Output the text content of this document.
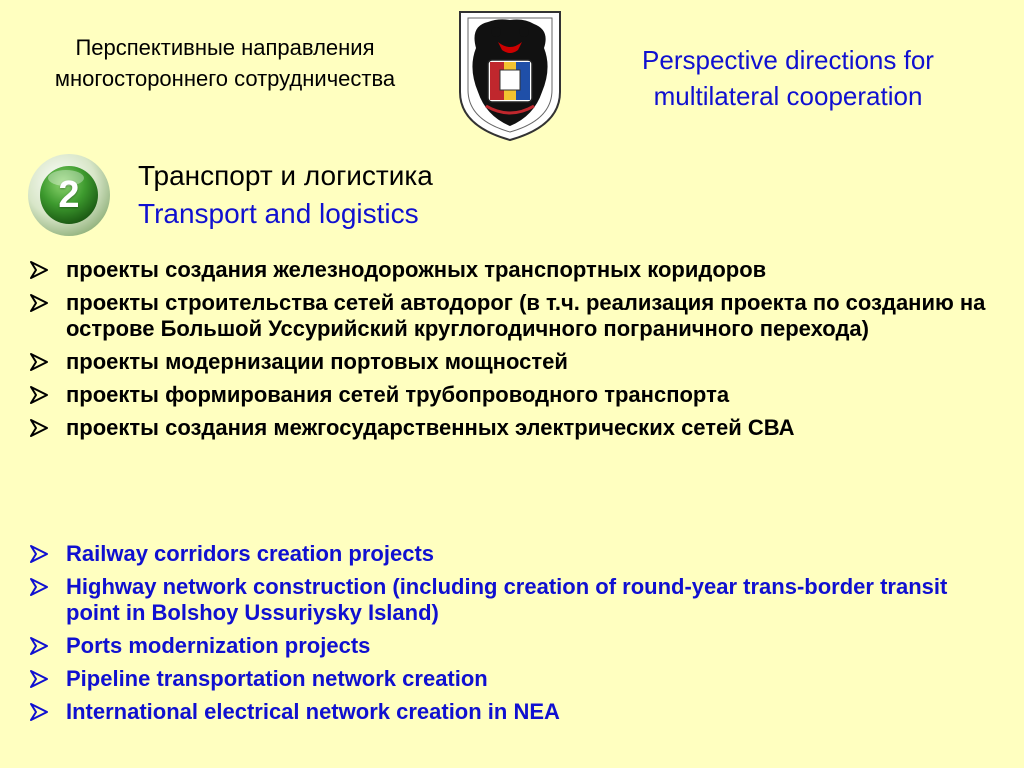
Перспективные направления многостороннего сотрудничества
Perspective directions for multilateral cooperation
2	Транспорт и логистика
Transport and logistics
проекты создания железнодорожных транспортных коридоров
проекты строительства сетей автодорог (в т.ч. реализация проекта по созданию на острове Большой Уссурийский круглогодичного пограничного перехода)
проекты модернизации портовых мощностей
проекты формирования сетей трубопроводного транспорта
проекты создания межгосударственных электрических сетей СВА
Railway corridors creation projects
Highway network construction (including creation of round-year trans-border transit point in Bolshoy Ussuriysky Island)
Ports modernization projects
Pipeline transportation network creation
International electrical network creation in NEA
